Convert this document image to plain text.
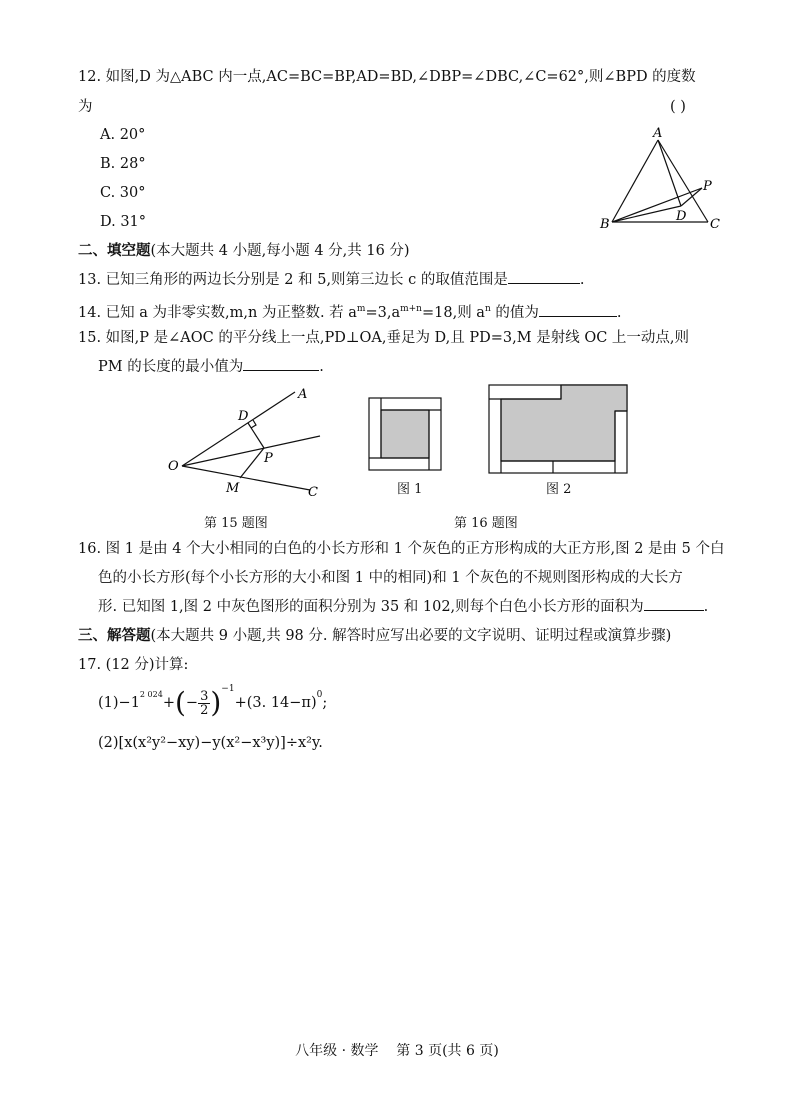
12. 如图,D 为△ABC 内一点,AC=BC=BP,AD=BD,∠DBP=∠DBC,∠C=62°,则∠BPD 的度数
为	( )
A. 20°
B. 28°
C. 30°
D. 31°
A
B	C
D
P
二、填空题(本大题共 4 小题,每小题 4 分,共 16 分)
13. 已知三角形的两边长分别是 2 和 5,则第三边长 c 的取值范围是	.
14. 已知 a 为非零实数,m,n 为正整数. 若 $a^m=3,a^{m+n}=18$,则 $a^n$ 的值为	.
15. 如图,P 是∠AOC 的平分线上一点,PD⊥OA,垂足为 D,且 PD=3,M 是射线 OC 上一动点,则
PM 的长度的最小值为	.
A
D
O
P
M	C
第 15 题图
图 1	图 2
第 16 题图
16. 图 1 是由 4 个大小相同的白色的小长方形和 1 个灰色的正方形构成的大正方形,图 2 是由 5 个白
色的小长方形(每个小长方形的大小和图 1 中的相同)和 1 个灰色的不规则图形构成的大长方
形. 已知图 1,图 2 中灰色图形的面积分别为 35 和 102,则每个白色小长方形的面积为	.
三、解答题(本大题共 9 小题,共 98 分. 解答时应写出必要的文字说明、证明过程或演算步骤)
17. (12 分)计算:
(1) −1
$^{2 024}$
+ ( − $\frac{3}{2} )^{-1}$
+(3. 14−π)$^0$ ;
(2)[x(x²y²−xy)−y(x²−x³y)]÷x²y.
八年级 · 数学    第 3 页(共 6 页)
